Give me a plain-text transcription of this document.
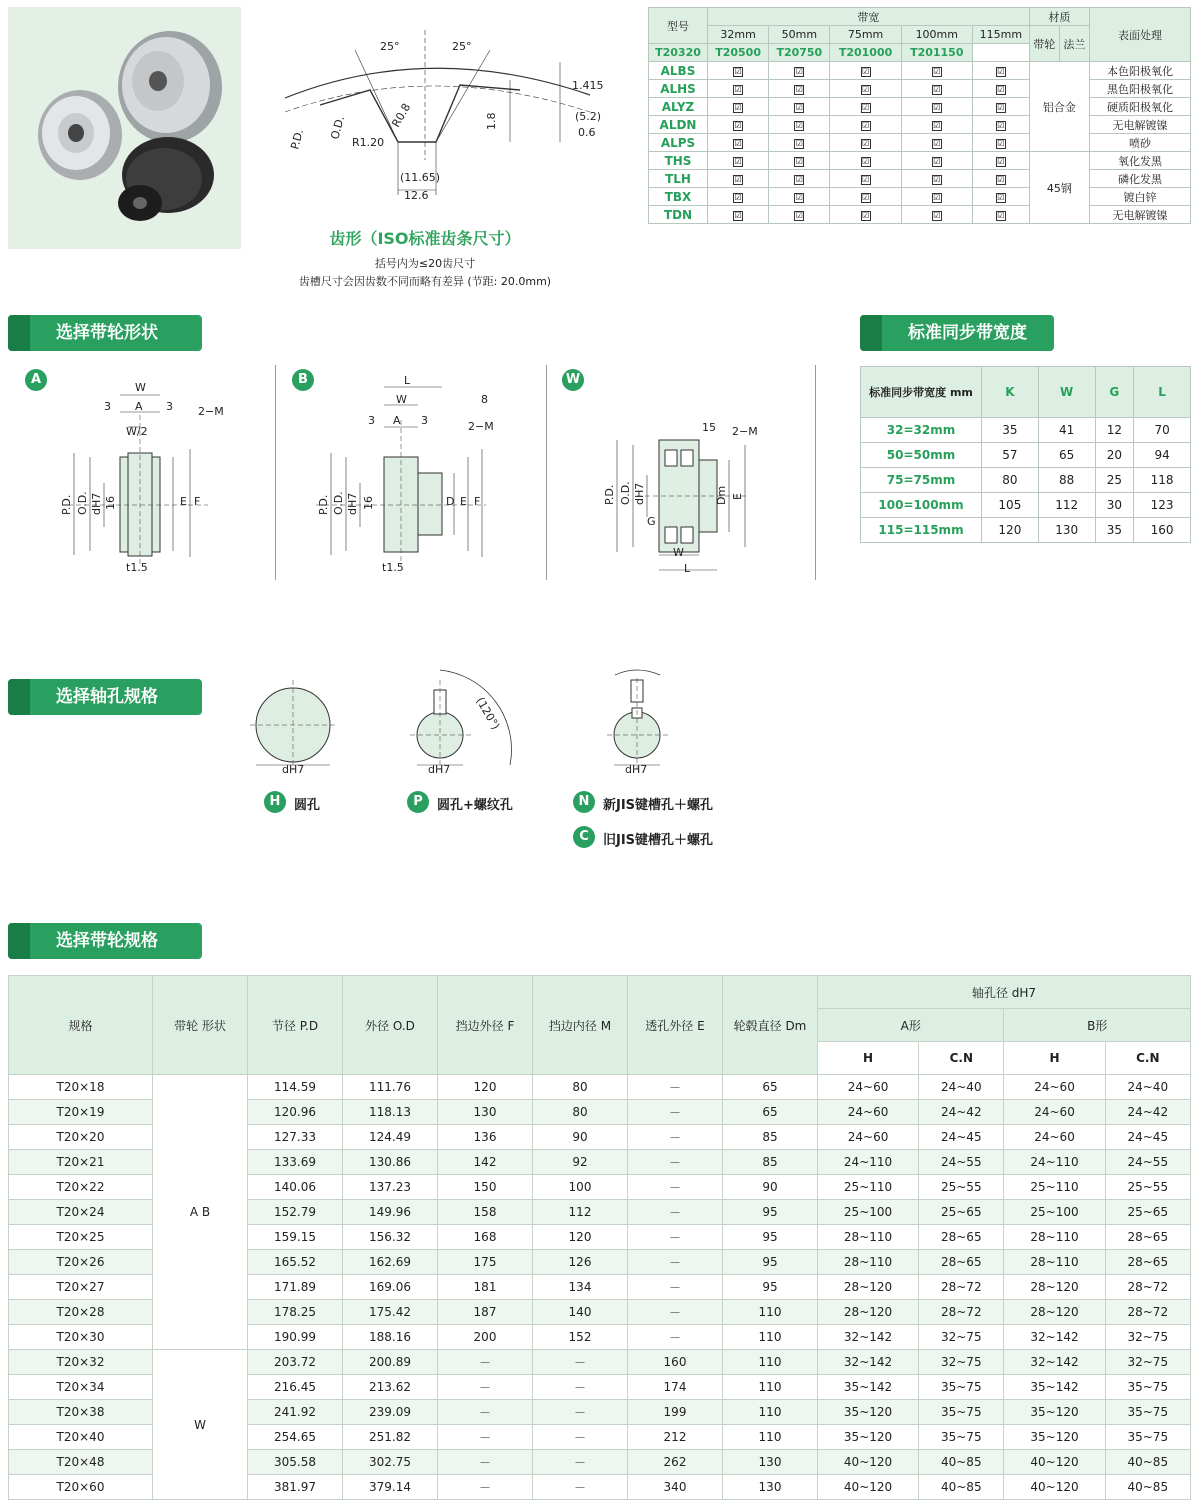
25°	25°
1.415
(5.2)
0.6
1.8
R0.8
R1.20
P.D. O.D.
(11.65)
12.6
齿形（ISO标准齿条尺寸）
括号内为≤20齿尺寸
齿槽尺寸会因齿数不同而略有差异 (节距: 20.0mm)
型号	带宽					材质		表面处理
	32mm	50mm	75mm	100mm	115mm	带轮	法兰	
T20320	T20500	T20750	T201000	T201150				
ALBS	☑	☑	☑	☑	☑	铝合金		本色阳极氧化
ALHS	☑	☑	☑	☑	☑			黑色阳极氧化
ALYZ	☑	☑	☑	☑	☑			硬质阳极氧化
ALDN	☑	☑	☑	☑	☑			无电解镀镍
ALPS	☑	☑	☑	☑	☑			喷砂
THS	☑	☑	☑	☑	☑	45钢		氧化发黑
TLH	☑	☑	☑	☑	☑			磷化发黑
TBX	☑	☑	☑	☑	☑			镀白锌
TDN	☑	☑	☑	☑	☑			无电解镀镍
选择带轮形状	标准同步带宽度
A
W
A
3	3
W/2
2−M
P.D. O.D. dH7 16	E F
t1.5
B	L
W	8
3 A 3	2−M
P.D. O.D. dH7 16	D E F
t1.5
W
15 2−M
P.D. O.D. dH7	Dm E
G
W
L
标准同步带宽度 mm	K	W	G	L
32=32mm	35	41	12	70
50=50mm	57	65	20	94
75=75mm	80	88	25	118
100=100mm	105	112	30	123
115=115mm	120	130	35	160
选择轴孔规格
dH7
(120°)
dH7	dH7
H	圆孔	P	圆孔+螺纹孔	N	新JIS键槽孔＋螺孔
C	旧JIS键槽孔＋螺孔
选择带轮规格
规格	带轮 形状	节径 P.D	外径 O.D	挡边外径 F	挡边内径 M	透孔外径 E	轮毂直径 Dm	轴孔径 dH7			
								A形		B形	
								H	C.N	H	C.N
T20×18	A B	114.59	111.76	120	80	－	65	24~60	24~40	24~60	24~40
T20×19		120.96	118.13	130	80	－	65	24~60	24~42	24~60	24~42
T20×20		127.33	124.49	136	90	－	85	24~60	24~45	24~60	24~45
T20×21		133.69	130.86	142	92	－	85	24~110	24~55	24~110	24~55
T20×22		140.06	137.23	150	100	－	90	25~110	25~55	25~110	25~55
T20×24		152.79	149.96	158	112	－	95	25~100	25~65	25~100	25~65
T20×25		159.15	156.32	168	120	－	95	28~110	28~65	28~110	28~65
T20×26		165.52	162.69	175	126	－	95	28~110	28~65	28~110	28~65
T20×27		171.89	169.06	181	134	－	95	28~120	28~72	28~120	28~72
T20×28		178.25	175.42	187	140	－	110	28~120	28~72	28~120	28~72
T20×30		190.99	188.16	200	152	－	110	32~142	32~75	32~142	32~75
T20×32	W	203.72	200.89	－	－	160	110	32~142	32~75	32~142	32~75
T20×34		216.45	213.62	－	－	174	110	35~142	35~75	35~142	35~75
T20×38		241.92	239.09	－	－	199	110	35~120	35~75	35~120	35~75
T20×40		254.65	251.82	－	－	212	110	35~120	35~75	35~120	35~75
T20×48		305.58	302.75	－	－	262	130	40~120	40~85	40~120	40~85
T20×60		381.97	379.14	－	－	340	130	40~120	40~85	40~120	40~85
